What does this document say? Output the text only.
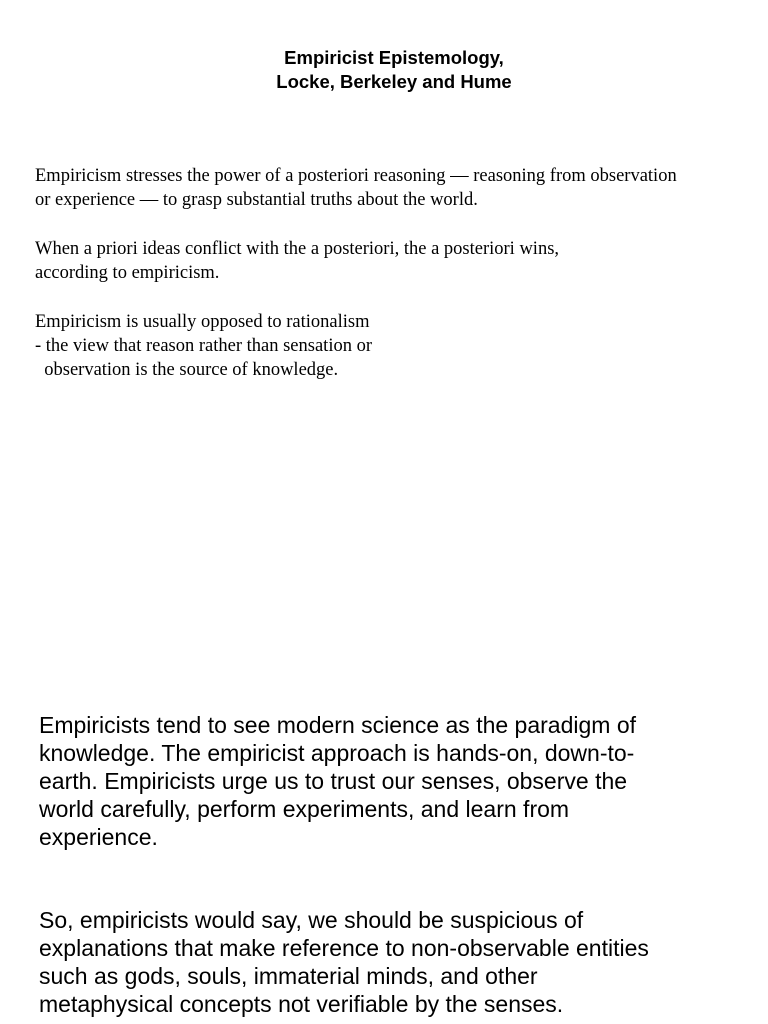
Empiricist Epistemology,
Locke, Berkeley and Hume
Empiricism stresses the power of a posteriori reasoning — reasoning from observation
or experience — to grasp substantial truths about the world.
When a priori ideas conflict with the a posteriori, the a posteriori wins,
according to empiricism.
Empiricism is usually opposed to rationalism
- the view that reason rather than sensation or
observation is the source of knowledge.
Empiricists tend to see modern science as the paradigm of
knowledge. The empiricist approach is hands-on, down-to-
earth. Empiricists urge us to trust our senses, observe the
world carefully, perform experiments, and learn from
experience.
So, empiricists would say, we should be suspicious of
explanations that make reference to non-observable entities
such as gods, souls, immaterial minds, and other
metaphysical concepts not verifiable by the senses.
